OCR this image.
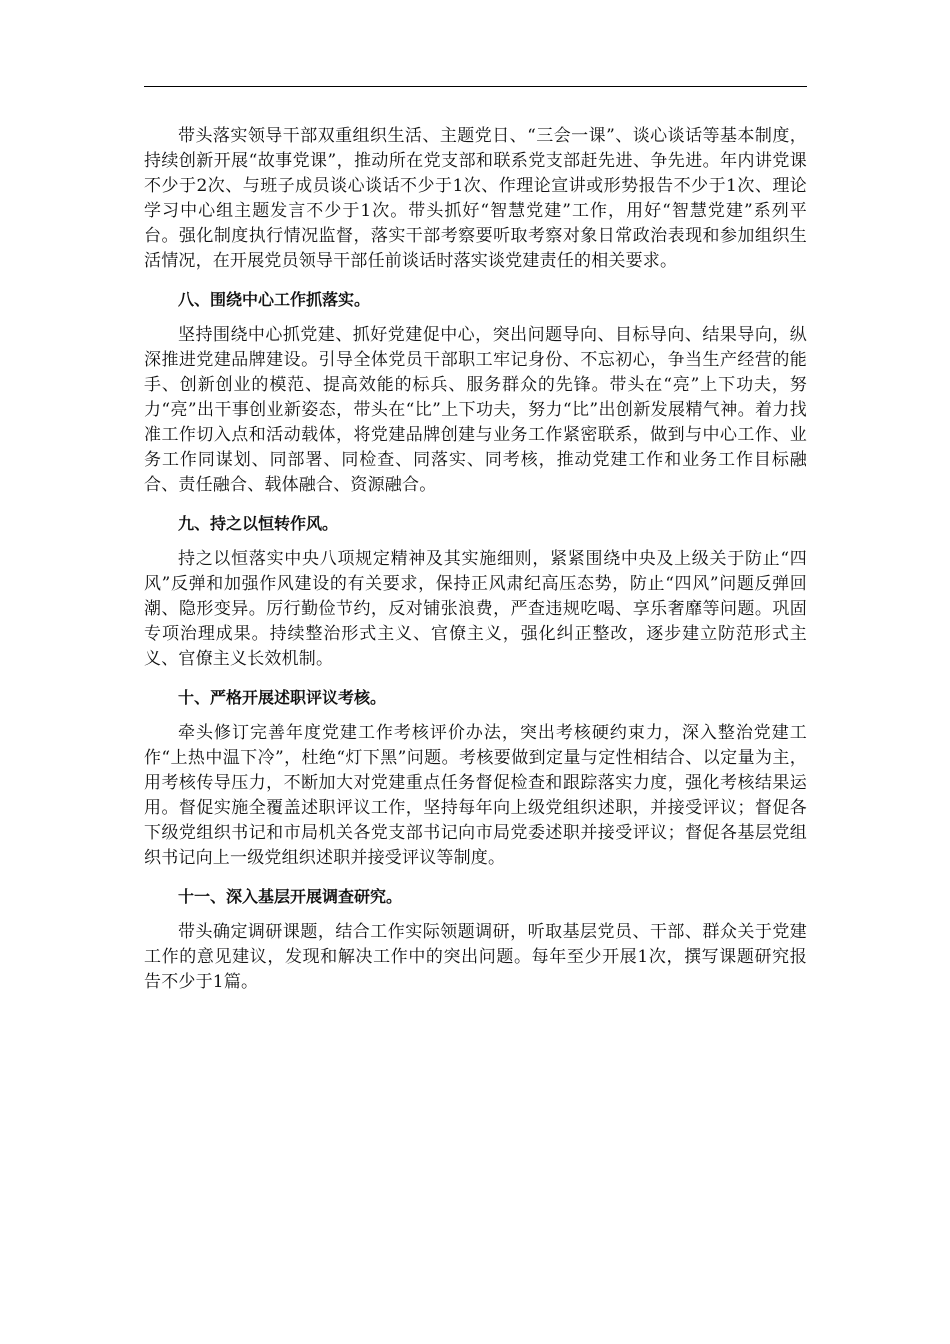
带头落实领导干部双重组织生活、主题党日、“三会一课”、谈心谈话等基本制度，持续创新开展“故事党课”，推动所在党支部和联系党支部赶先进、争先进。年内讲党课不少于2次、与班子成员谈心谈话不少于1次、作理论宣讲或形势报告不少于1次、理论学习中心组主题发言不少于1次。带头抓好“智慧党建”工作，用好“智慧党建”系列平台。强化制度执行情况监督，落实干部考察要听取考察对象日常政治表现和参加组织生活情况，在开展党员领导干部任前谈话时落实谈党建责任的相关要求。

八、围绕中心工作抓落实。

坚持围绕中心抓党建、抓好党建促中心，突出问题导向、目标导向、结果导向，纵深推进党建品牌建设。引导全体党员干部职工牢记身份、不忘初心，争当生产经营的能手、创新创业的模范、提高效能的标兵、服务群众的先锋。带头在“亮”上下功夫，努力“亮”出干事创业新姿态，带头在“比”上下功夫，努力“比”出创新发展精气神。着力找准工作切入点和活动载体，将党建品牌创建与业务工作紧密联系，做到与中心工作、业务工作同谋划、同部署、同检查、同落实、同考核，推动党建工作和业务工作目标融合、责任融合、载体融合、资源融合。

九、持之以恒转作风。

持之以恒落实中央八项规定精神及其实施细则，紧紧围绕中央及上级关于防止“四风”反弹和加强作风建设的有关要求，保持正风肃纪高压态势，防止“四风”问题反弹回潮、隐形变异。厉行勤俭节约，反对铺张浪费，严查违规吃喝、享乐奢靡等问题。巩固专项治理成果。持续整治形式主义、官僚主义，强化纠正整改，逐步建立防范形式主义、官僚主义长效机制。

十、严格开展述职评议考核。

牵头修订完善年度党建工作考核评价办法，突出考核硬约束力，深入整治党建工作“上热中温下冷”，杜绝“灯下黑”问题。考核要做到定量与定性相结合、以定量为主，用考核传导压力，不断加大对党建重点任务督促检查和跟踪落实力度，强化考核结果运用。督促实施全覆盖述职评议工作，坚持每年向上级党组织述职，并接受评议；督促各下级党组织书记和市局机关各党支部书记向市局党委述职并接受评议；督促各基层党组织书记向上一级党组织述职并接受评议等制度。

十一、深入基层开展调查研究。

带头确定调研课题，结合工作实际领题调研，听取基层党员、干部、群众关于党建工作的意见建议，发现和解决工作中的突出问题。每年至少开展1次，撰写课题研究报告不少于1篇。
